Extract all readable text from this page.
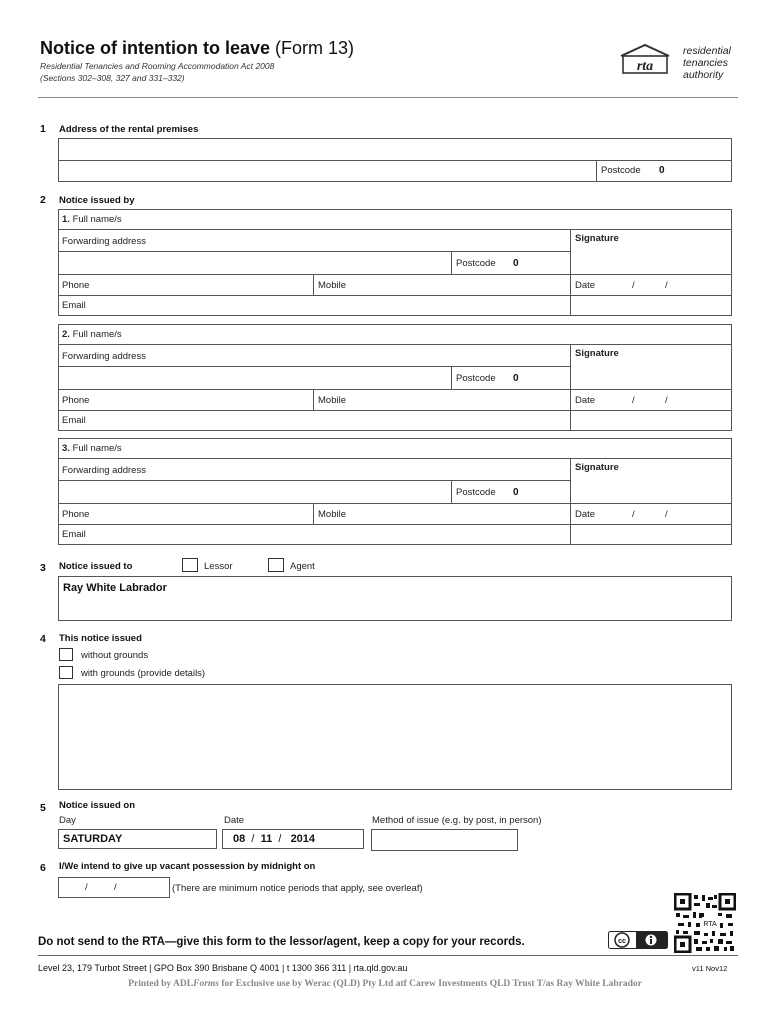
Notice of intention to leave (Form 13)
Residential Tenancies and Rooming Accommodation Act 2008
(Sections 302–308, 327 and 331–332)
rta
residential
tenancies
authority
1 Address of the rental premises
Postcode 0
2 Notice issued by
1. Full name/s
Forwarding address	Signature
Postcode 0
Phone	Mobile	Date	/	/
Email
2. Full name/s
Forwarding address	Signature
Postcode 0
Phone	Mobile	Date	/	/
Email
3. Full name/s
Forwarding address	Signature
Postcode 0
Phone	Mobile	Date	/	/
Email
3 Notice issued to	Lessor	Agent
Ray White Labrador
4 This notice issued
without grounds
with grounds (provide details)
5 Notice issued on
Day	Date	Method of issue (e.g. by post, in person)
SATURDAY	08 / 11 / 2014
6 I/We intend to give up vacant possession by midnight on
/	/	(There are minimum notice periods that apply, see overleaf)
RTA
cc
Do not send to the RTA—give this form to the lessor/agent, keep a copy for your records.
Level 23, 179 Turbot Street | GPO Box 390 Brisbane Q 4001 | t 1300 366 311 | rta.qld.gov.au	v11 Nov12
Printed by ADLForms for Exclusive use by Werac (QLD) Pty Ltd atf Carew Investments QLD Trust T/as Ray White Labrador
